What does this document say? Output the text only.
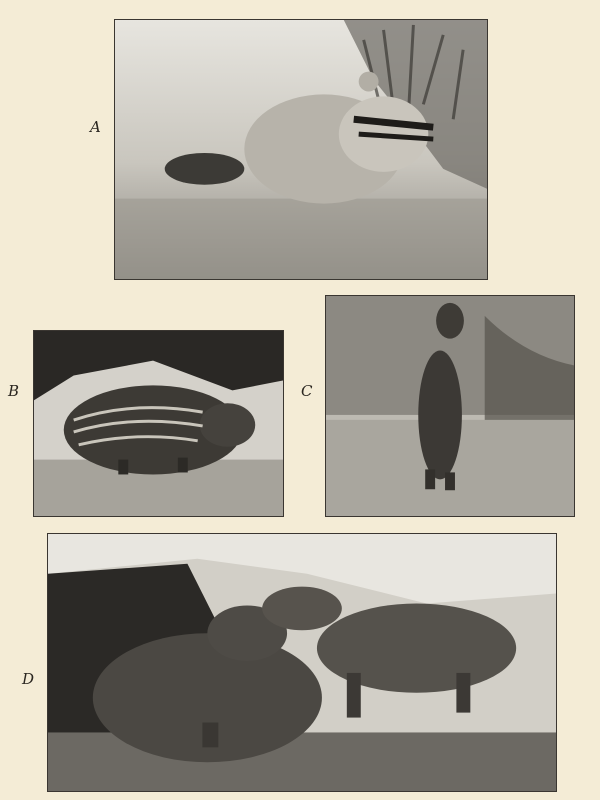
A
B	C
D
